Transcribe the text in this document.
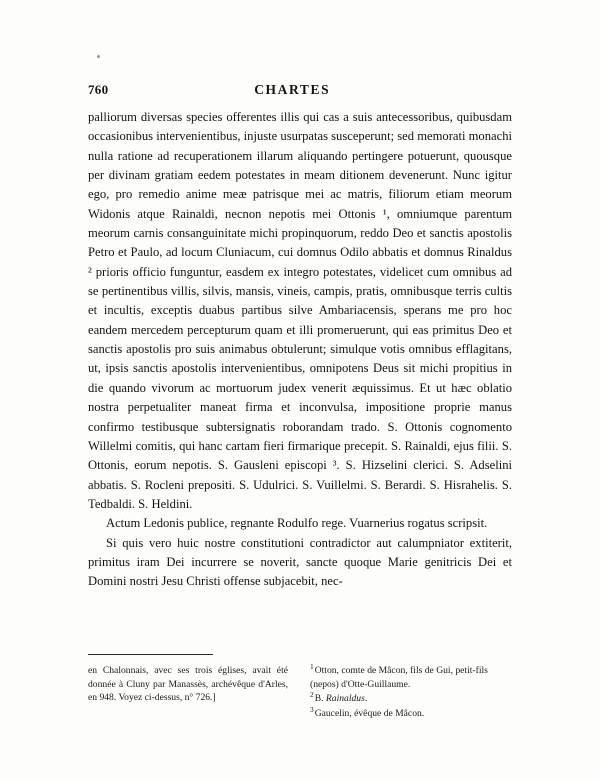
760	CHARTES

palliorum diversas species offerentes illis qui cas a suis antecessoribus, quibusdam occasionibus intervenientibus, injuste usurpatas susceperunt; sed memorati monachi nulla ratione ad recuperationem illarum aliquando pertingere potuerunt, quousque per divinam gratiam eedem potestates in meam ditionem devenerunt. Nunc igitur ego, pro remedio anime meæ patrisque mei ac matris, filiorum etiam meorum Widonis atque Rainaldi, necnon nepotis mei Ottonis ¹, omniumque parentum meorum carnis consanguinitate michi propinquorum, reddo Deo et sanctis apostolis Petro et Paulo, ad locum Cluniacum, cui domnus Odilo abbatis et domnus Rinaldus ² prioris officio funguntur, easdem ex integro potestates, videlicet cum omnibus ad se pertinentibus villis, silvis, mansis, vineis, campis, pratis, omnibusque terris cultis et incultis, exceptis duabus partibus silve Ambariacensis, sperans me pro hoc eandem mercedem percepturum quam et illi promeruerunt, qui eas primitus Deo et sanctis apostolis pro suis animabus obtulerunt; simulque votis omnibus efflagitans, ut, ipsis sanctis apostolis intervenientibus, omnipotens Deus sit michi propitius in die quando vivorum ac mortuorum judex venerit æquissimus. Et ut hæc oblatio nostra perpetualiter maneat firma et inconvulsa, impositione proprie manus confirmo testibusque subtersignatis roborandam trado. S. Ottonis cognomento Willelmi comitis, qui hanc cartam fieri firmarique precepit. S. Rainaldi, ejus filii. S. Ottonis, eorum nepotis. S. Gausleni episcopi ³. S. Hizselini clerici. S. Adselini abbatis. S. Rocleni prepositi. S. Udulrici. S. Vuillelmi. S. Berardi. S. Hisrahelis. S. Tedbaldi. S. Heldini.

Actum Ledonis publice, regnante Rodulfo rege. Vuarnerius rogatus scripsit.

Si quis vero huic nostre constitutioni contradictor aut calumpniator extiterit, primitus iram Dei incurrere se noverit, sancte quoque Marie genitricis Dei et Domini nostri Jesu Christi offense subjacebit, nec-

en Chalonnais, avec ses trois églises, avait été donnée à Cluny par Manassès, archévêque d'Arles, en 948. Voyez ci-dessus, n° 726.]

$^1$Otton, comte de Mâcon, fils de Gui, petit-fils (nepos) d'Otte-Guillaume.

$^2$B. Rainaldus.

$^3$Gaucelin, évêque de Mâcon.
